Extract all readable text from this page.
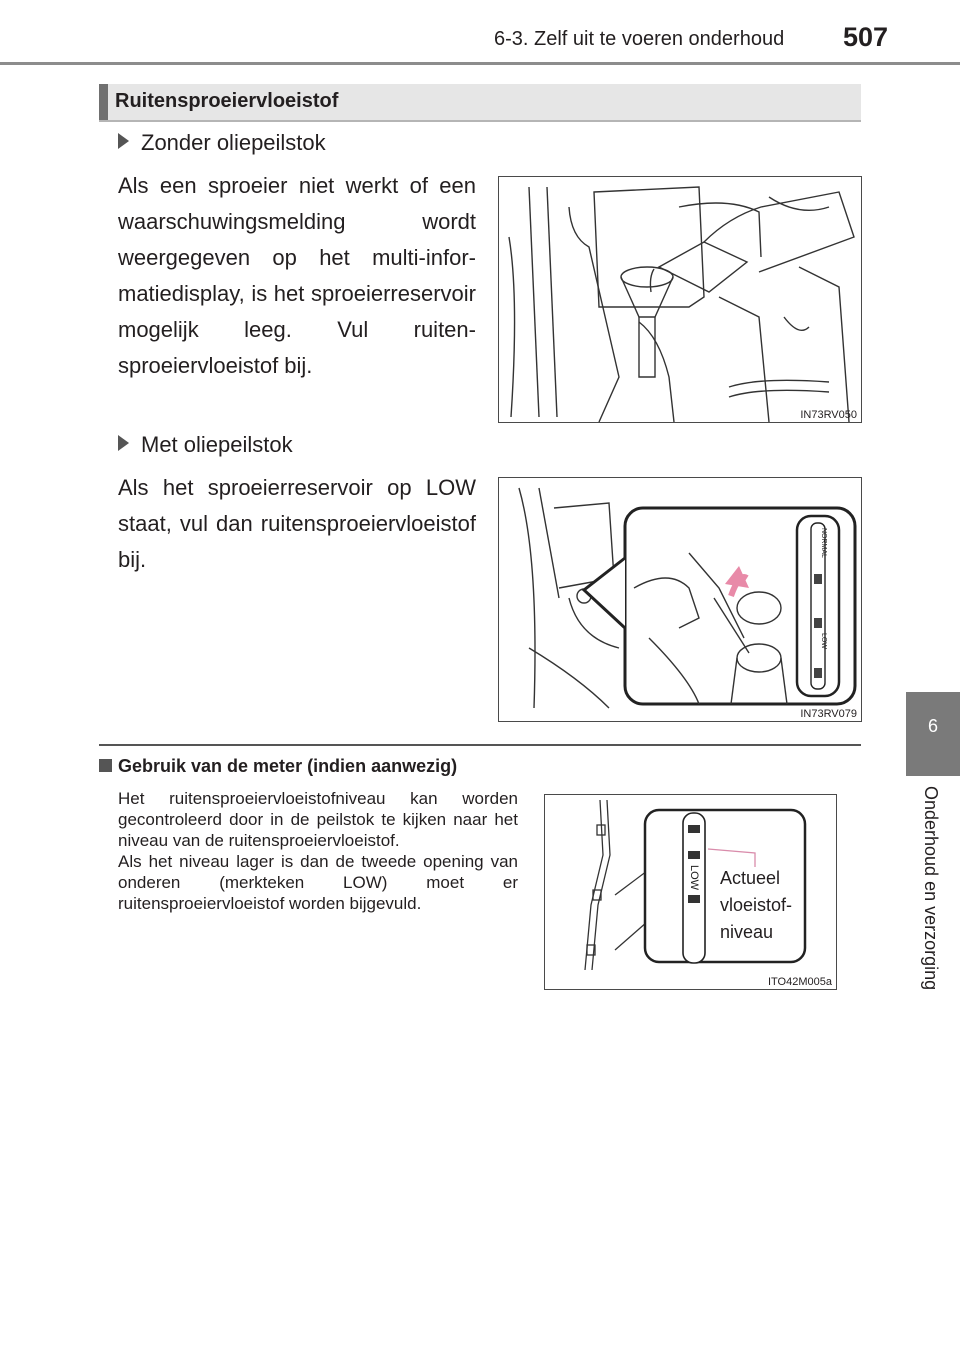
6-3. Zelf uit te voeren onderhoud 507
6
Onderhoud en verzorging
Ruitensproeiervloeistof
Zonder oliepeilstok
Als een sproeier niet werkt of een waarschuwingsmelding wordt weergegeven op het multi-informatiedisplay, is het sproeierreservoir mogelijk leeg. Vul ruitensproeiervloeistof bij.
IN73RV050
Met oliepeilstok
Als het sproeierreservoir op LOW staat, vul dan ruitensproeiervloeistof bij.
NORMAL
LOW
IN73RV079
Gebruik van de meter (indien aanwezig)

Het ruitensproeiervloeistofniveau kan worden gecontroleerd door in de peilstok te kijken naar het niveau van de ruitensproeiervloeistof.

Als het niveau lager is dan de tweede opening van onderen (merkteken LOW) moet er ruitensproeiervloeistof worden bijgevuld.

LOW Actueel
vloeistof-
niveau
ITO42M005a
